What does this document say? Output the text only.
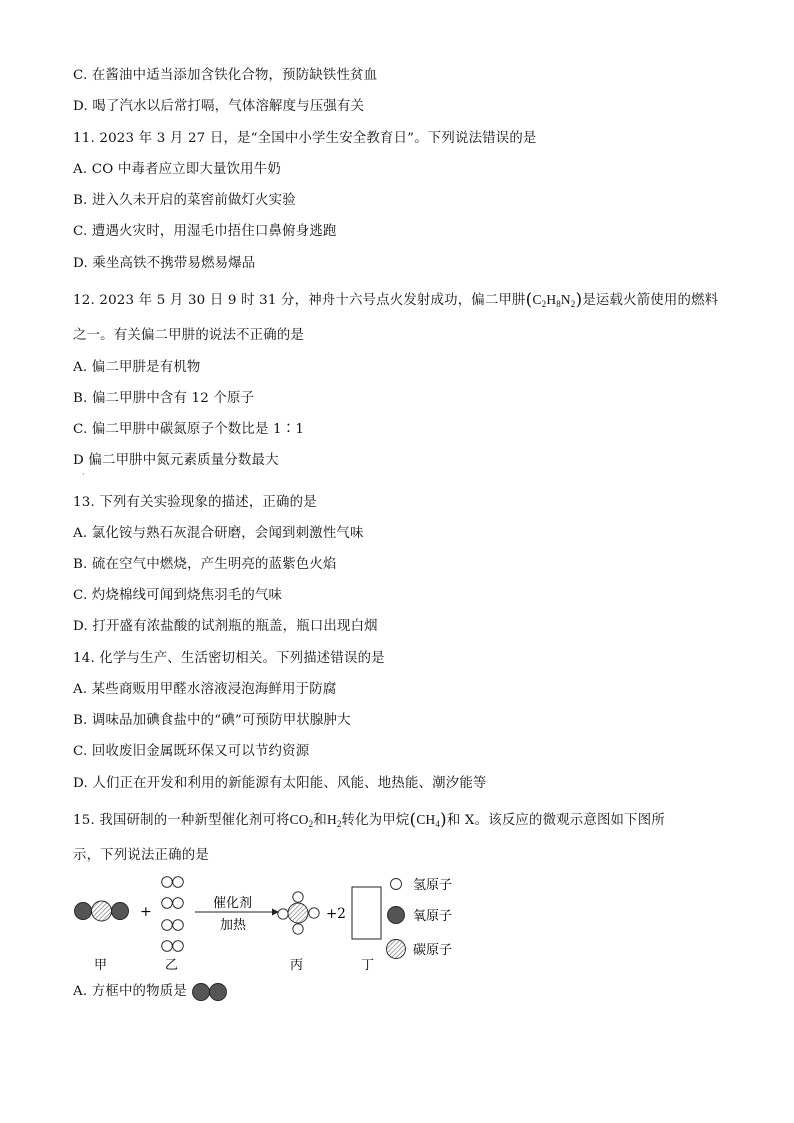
C. 在酱油中适当添加含铁化合物，预防缺铁性贫血
D. 喝了汽水以后常打嗝，气体溶解度与压强有关
11. 2023 年 3 月 27 日，是“全国中小学生安全教育日”。下列说法错误的是
A. CO 中毒者应立即大量饮用牛奶
B. 进入久未开启的菜窖前做灯火实验
C. 遭遇火灾时，用湿毛巾捂住口鼻俯身逃跑
D. 乘坐高铁不携带易燃易爆品
12. 2023 年 5 月 30 日 9 时 31 分，神舟十六号点火发射成功，偏二甲肼$(C_2H_8N_2)$是运载火箭使用的燃料
之一。有关偏二甲肼的说法不正确的是
A. 偏二甲肼是有机物
B. 偏二甲肼中含有 12 个原子
C. 偏二甲肼中碳氮原子个数比是 1∶1
D 偏二甲肼中氮元素质量分数最大
·
13. 下列有关实验现象的描述，正确的是
A. 氯化铵与熟石灰混合研磨，会闻到刺激性气味
B. 硫在空气中燃烧，产生明亮的蓝紫色火焰
C. 灼烧棉线可闻到烧焦羽毛的气味
D. 打开盛有浓盐酸的试剂瓶的瓶盖，瓶口出现白烟
14. 化学与生产、生活密切相关。下列描述错误的是
A. 某些商贩用甲醛水溶液浸泡海鲜用于防腐
B. 调味品加碘食盐中的“碘”可预防甲状腺肿大
C. 回收废旧金属既环保又可以节约资源
D. 人们正在开发和利用的新能源有太阳能、风能、地热能、潮汐能等
15. 我国研制的一种新型催化剂可将$CO_2$和$H_2$转化为甲烷$(CH_4)$和 X。该反应的微观示意图如下图所
示，下列说法正确的是
+
催化剂
加热
+2
甲	乙	丙	丁
氢原子
氧原子
碳原子
A. 方框中的物质是
